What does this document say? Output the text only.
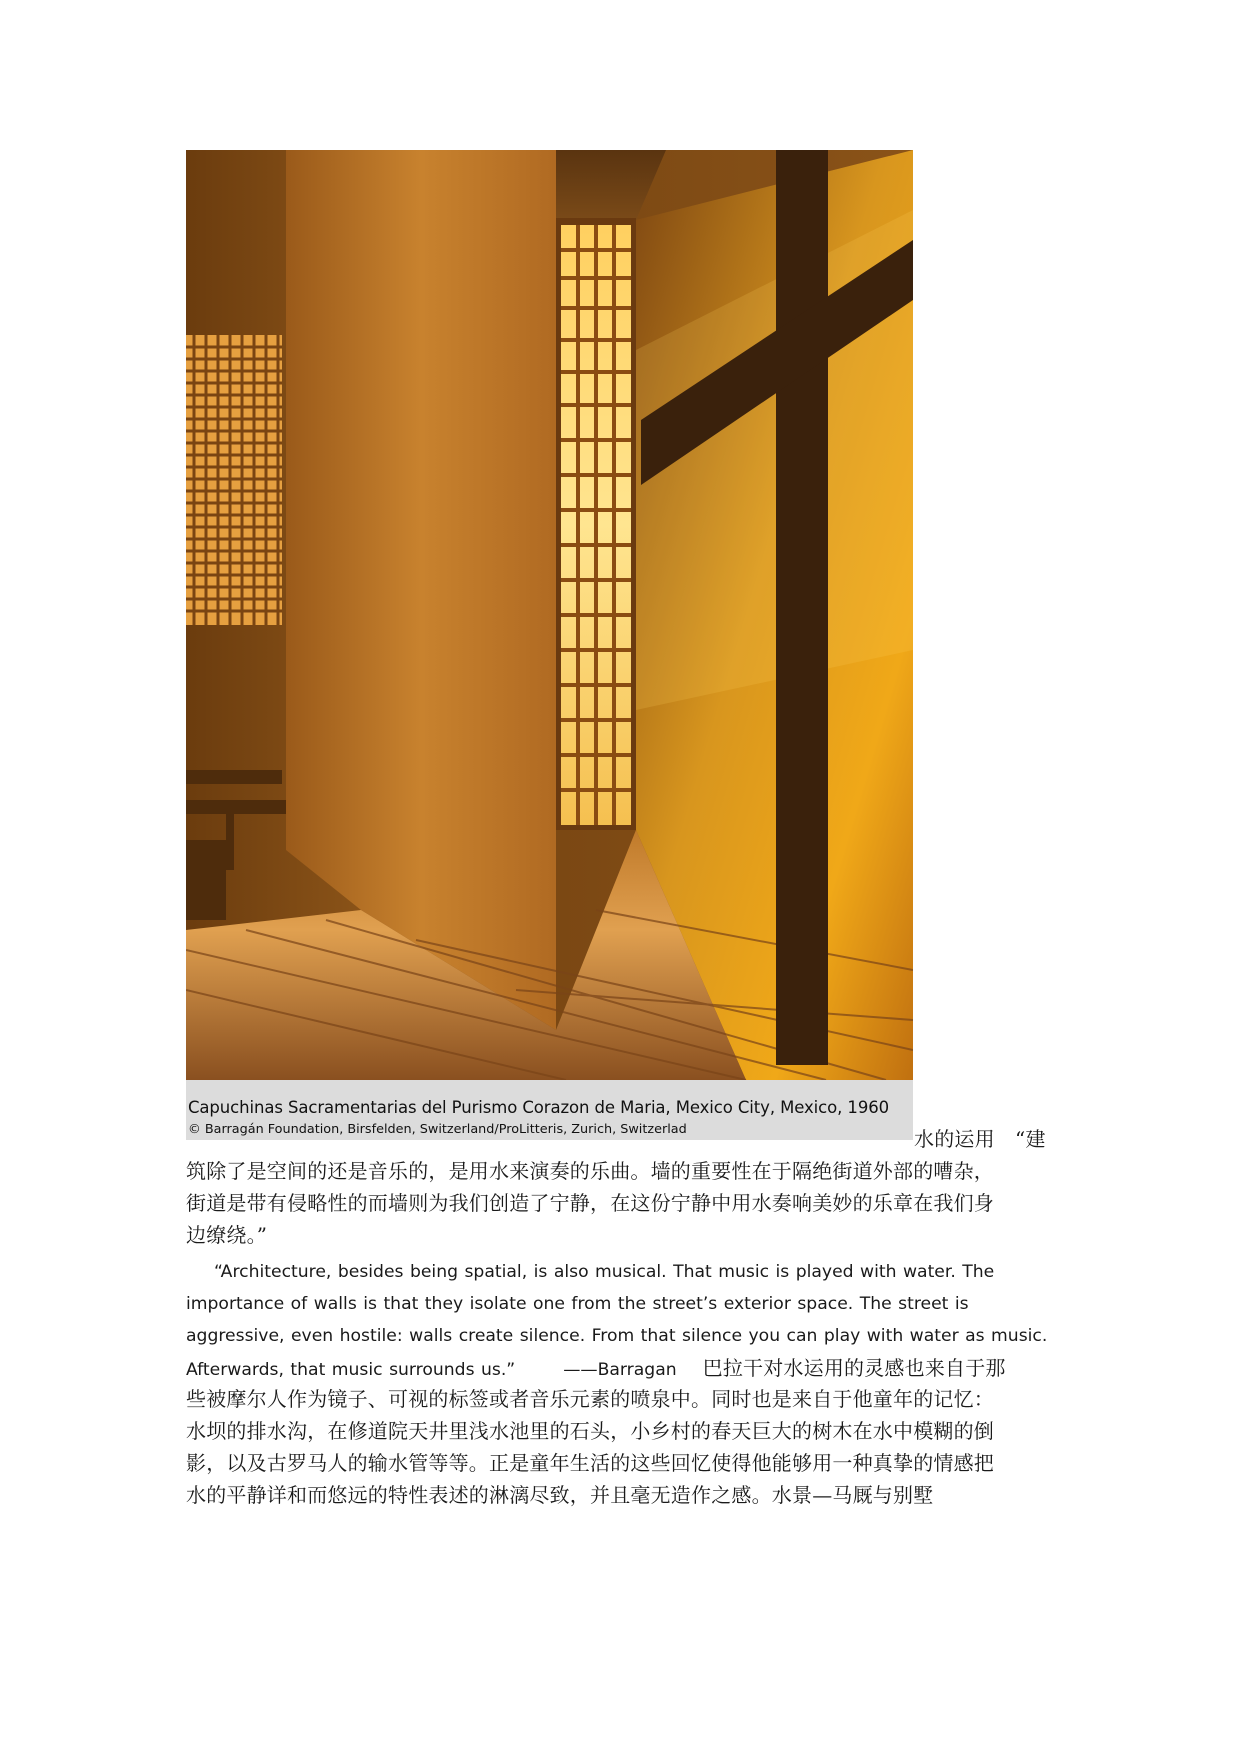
Capuchinas Sacramentarias del Purismo Corazon de Maria, Mexico City, Mexico, 1960
© Barragán Foundation, Birsfelden, Switzerland/ProLitteris, Zurich, Switzerlad	水的运用  “建
筑除了是空间的还是音乐的，是用水来演奏的乐曲。墙的重要性在于隔绝街道外部的嘈杂，
街道是带有侵略性的而墙则为我们创造了宁静，在这份宁静中用水奏响美妙的乐章在我们身
边缭绕。”
“Architecture, besides being spatial, is also musical. That music is played with water. The
importance of walls is that they isolate one from the street’s exterior space. The street is
aggressive, even hostile: walls create silence. From that silence you can play with water as music.
Afterwards, that music surrounds us.”	——Barragan 巴拉干对水运用的灵感也来自于那
些被摩尔人作为镜子、可视的标签或者音乐元素的喷泉中。同时也是来自于他童年的记忆：
水坝的排水沟，在修道院天井里浅水池里的石头，小乡村的春天巨大的树木在水中模糊的倒
影，以及古罗马人的输水管等等。正是童年生活的这些回忆使得他能够用一种真挚的情感把
水的平静详和而悠远的特性表述的淋漓尽致，并且毫无造作之感。水景—马厩与别墅
